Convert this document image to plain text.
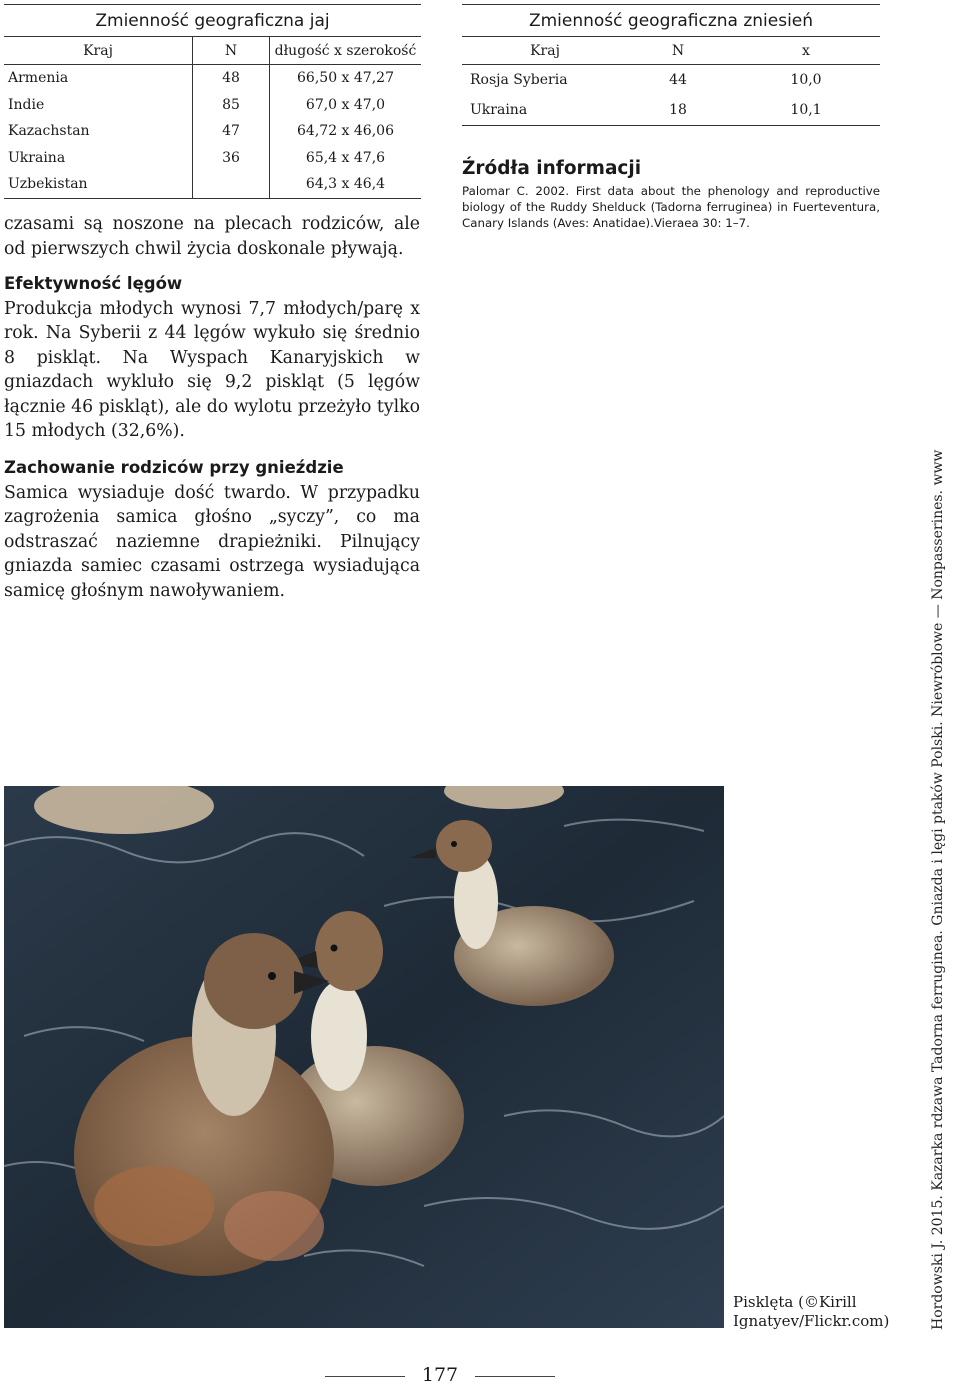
Zmienność geograficzna jaj
Kraj	N	długość x szerokość
Armenia	48	66,50 x 47,27
Indie	85	67,0 x 47,0
Kazachstan	47	64,72 x 46,06
Ukraina	36	65,4 x 47,6
Uzbekistan		64,3 x 46,4
Zmienność geograficzna zniesień
Kraj	N	x
Rosja Syberia	44	10,0
Ukraina	18	10,1

czasami są noszone na plecach rodziców, ale od pierwszych chwil życia doskonale pływają.

Efektywność lęgów

Produkcja młodych wynosi 7,7 młodych/parę x rok. Na Syberii z 44 lęgów wykuło się średnio 8 piskląt. Na Wyspach Kanaryjskich w gniazdach wykluło się 9,2 piskląt (5 lęgów łącznie 46 piskląt), ale do wylotu przeżyło tylko 15 młodych (32,6%).

Zachowanie rodziców przy gnieździe

Samica wysiaduje dość twardo. W przypadku zagrożenia samica głośno „syczy”, co ma odstraszać naziemne drapieżniki. Pilnujący gniazda samiec czasami ostrzega wysiadująca samicę głośnym nawoływaniem.

Źródła informacji
Palomar C. 2002. First data about the phenology and reproductive biology of the Ruddy Shelduck (Tadorna ferruginea) in Fuerteventura, Canary Islands (Aves: Anatidae).Vieraea 30: 1–7.
Pisklęta (©Kirill Ignatyev/Flickr.com)	Hordowski J. 2015. Kazarka rdzawa Tadorna ferruginea. Gniazda i lęgi ptaków Polski. Niewróblowe — Nonpasserines. www
177
